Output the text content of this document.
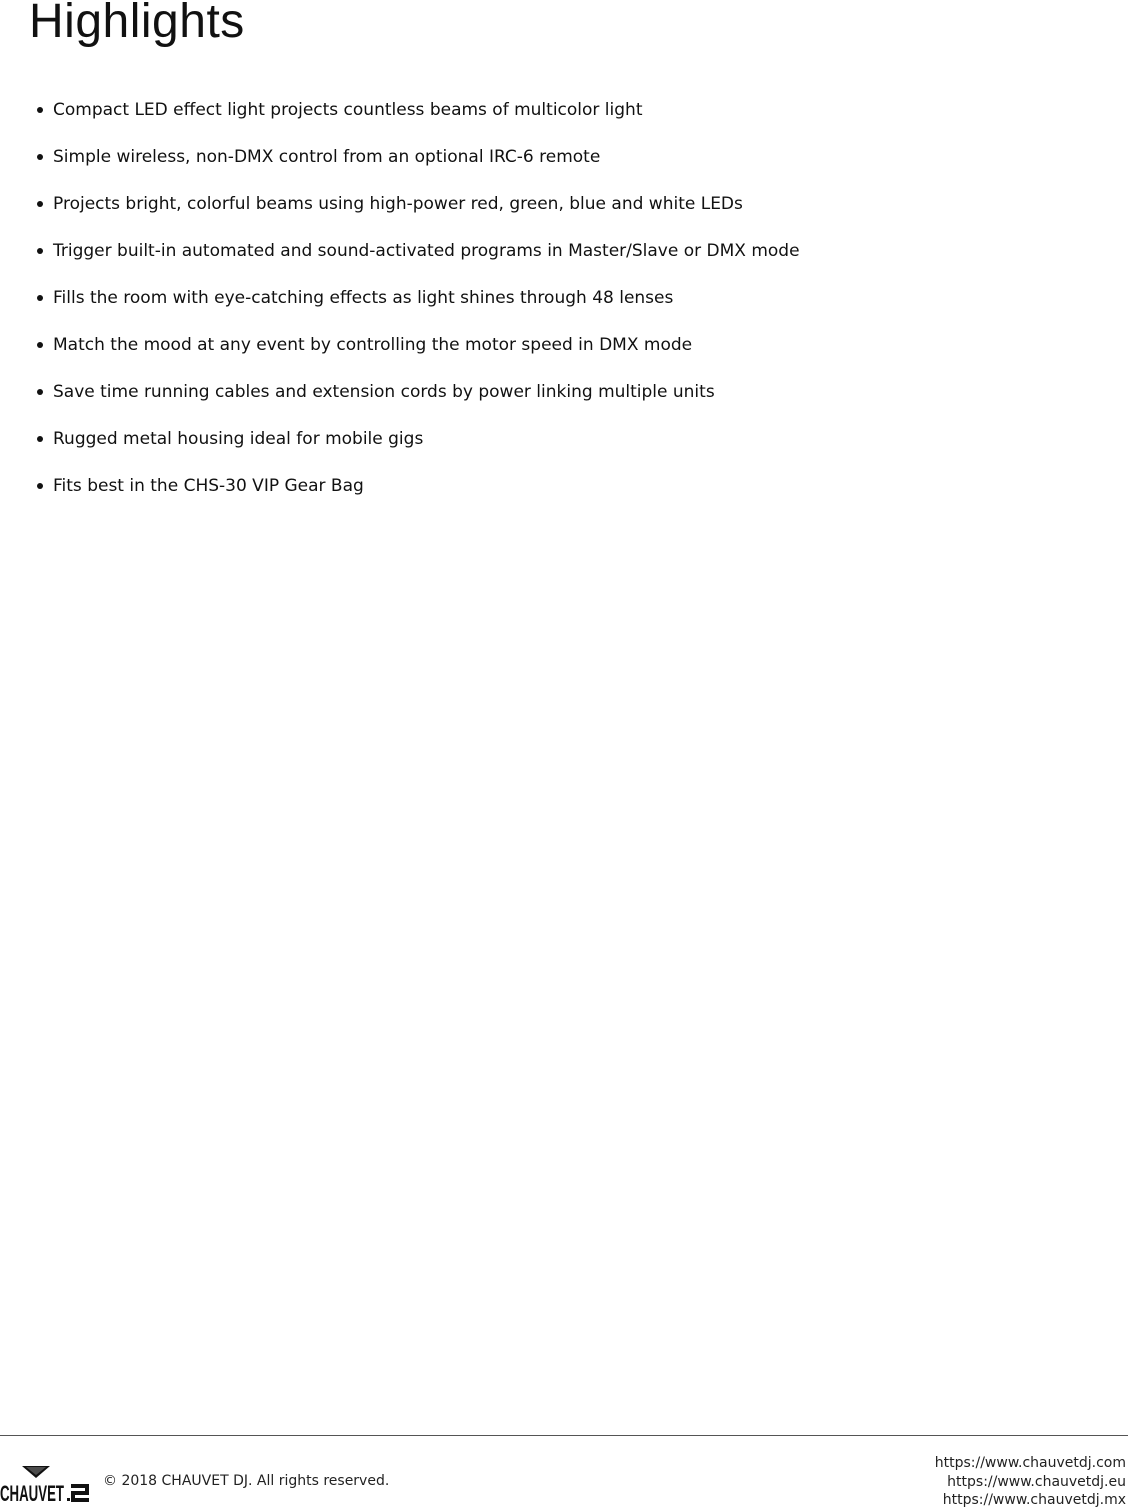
Highlights
Compact LED effect light projects countless beams of multicolor light
Simple wireless, non-DMX control from an optional IRC-6 remote
Projects bright, colorful beams using high-power red, green, blue and white LEDs
Trigger built-in automated and sound-activated programs in Master/Slave or DMX mode
Fills the room with eye-catching effects as light shines through 48 lenses
Match the mood at any event by controlling the motor speed in DMX mode
Save time running cables and extension cords by power linking multiple units
Rugged metal housing ideal for mobile gigs
Fits best in the CHS-30 VIP Gear Bag
CHAUVET	© 2018 CHAUVET DJ. All rights reserved.
https://www.chauvetdj.com
https://www.chauvetdj.eu
https://www.chauvetdj.mx
